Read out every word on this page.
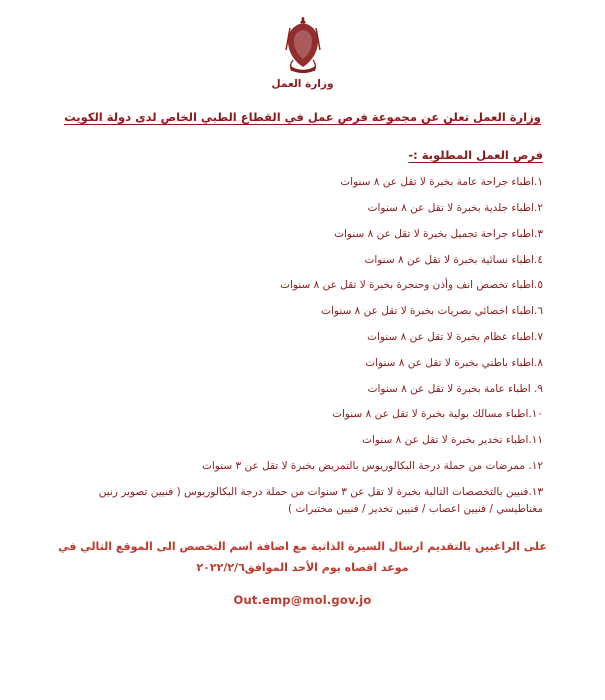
وزارة العمل
وزارة العمل تعلن عن مجموعة فرص عمل في القطاع الطبي الخاص لدى دولة الكويت
فرص العمل المطلوبة :-
١.اطباء جراحة عامة بخبرة لا تقل عن ٨ سنوات
٢.اطباء جلدية بخبرة لا تقل عن ٨ سنوات
٣.اطباء جراحة تجميل بخبرة لا تقل عن ٨ سنوات
٤.اطباء نسائية بخبرة لا تقل عن ٨ سنوات
٥.اطباء تخصص انف وأذن وحنجرة بخبرة لا تقل عن ٨ سنوات
٦.اطباء اخصائي بصريات بخبرة لا تقل عن ٨ سنوات
٧.اطباء عظام بخبرة لا تقل عن ٨ سنوات
٨.اطباء باطني بخبرة لا تقل عن ٨ سنوات
٩. اطباء عامة بخبرة لا تقل عن ٨ سنوات
١٠.اطباء مسالك بولية بخبرة لا تقل عن ٨ سنوات
١١.اطباء تخدير بخبرة لا تقل عن ٨ سنوات
١٢. ممرضات من حملة درجة البكالوريوس بالتمريض بخبرة لا تقل عن ٣ سنوات
١٣.فنيين بالتخصصات التالية بخبرة لا تقل عن ٣ سنوات من حملة درجة البكالوريوس ( فنيين تصوير رنين مغناطيسي / فنيين اعصاب / فنيين تخدير / فنيين مختبرات )
على الراغبين بالتقديم ارسال السيرة الذاتية مع اضافة اسم التخصص الى الموقع التالي في
موعد اقصاه يوم الأحد الموافق٢٠٢٢/٢/٦
Out.emp@mol.gov.jo
